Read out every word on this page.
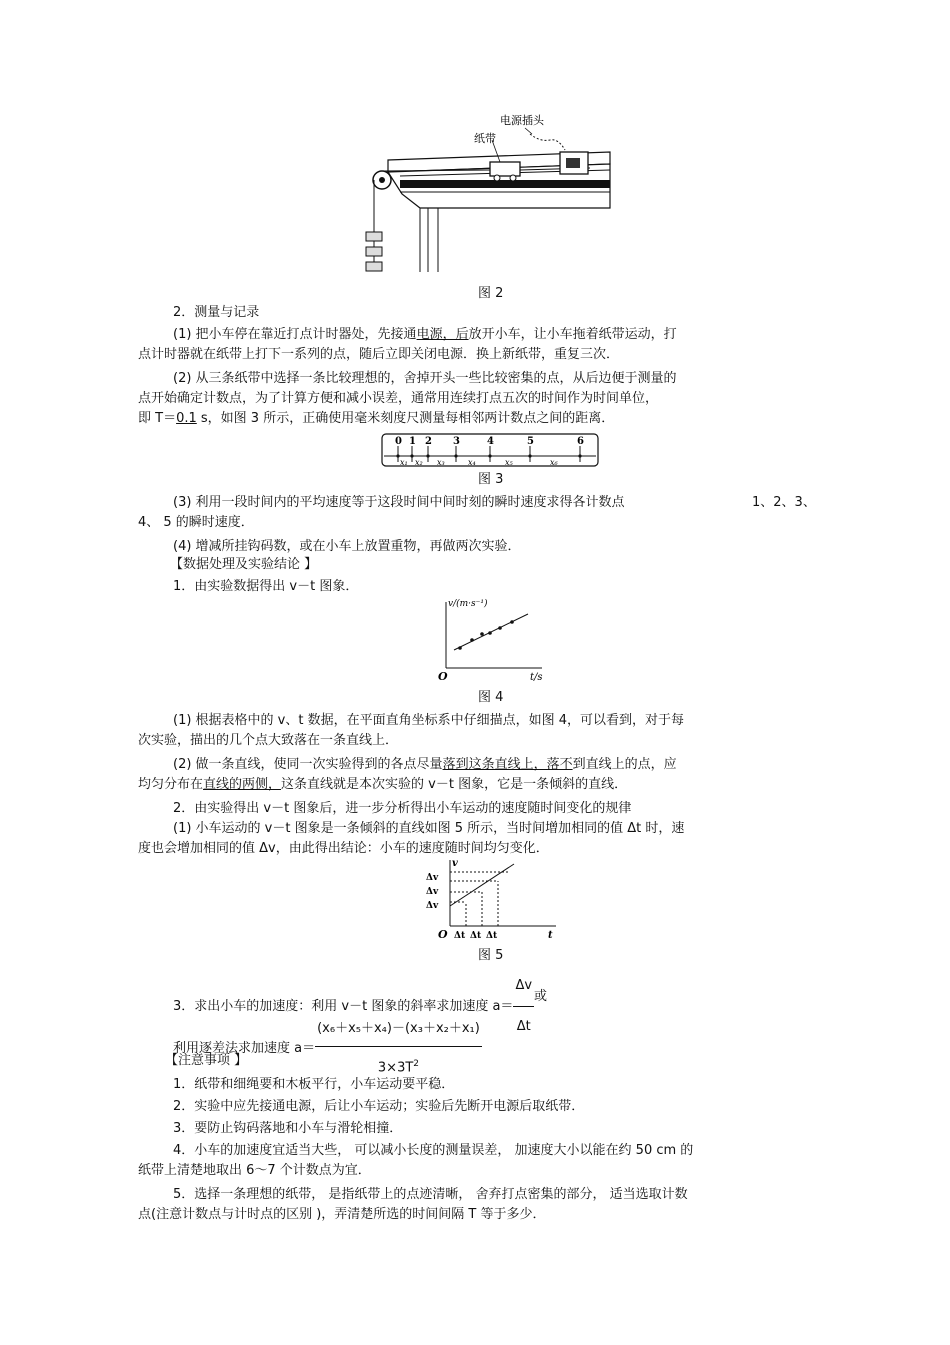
电源插头
纸带
图 2
2．测量与记录
(1) 把小车停在靠近打点计时器处，先接通电源，后放开小车，让小车拖着纸带运动，打
点计时器就在纸带上打下一系列的点，随后立即关闭电源．换上新纸带，重复三次．
(2) 从三条纸带中选择一条比较理想的，舍掉开头一些比较密集的点，从后边便于测量的
点开始确定计数点，为了计算方便和减小误差，通常用连续打点五次的时间作为时间单位，
即 T＝0.1 s，如图 3 所示，正确使用毫米刻度尺测量每相邻两计数点之间的距离．
0 1 2 3	4	5	6
x₁ x₂ x₃	x₄	x₅	x₆
图 3
(3) 利用一段时间内的平均速度等于这段时间中间时刻的瞬时速度求得各计数点	1、2、3、
4、 5 的瞬时速度．
(4) 增减所挂钩码数，或在小车上放置重物，再做两次实验．
【数据处理及实验结论 】
1．由实验数据得出 v－t 图象．
v/(m·s⁻¹)
t/s
O
图 4
(1) 根据表格中的 v、t 数据，在平面直角坐标系中仔细描点，如图 4，可以看到，对于每
次实验，描出的几个点大致落在一条直线上．
(2) 做一条直线，使同一次实验得到的各点尽量落到这条直线上，落不到直线上的点，应
均匀分布在直线的两侧，这条直线就是本次实验的 v－t 图象，它是一条倾斜的直线．
2．由实验得出 v－t 图象后，进一步分析得出小车运动的速度随时间变化的规律
(1) 小车运动的 v－t 图象是一条倾斜的直线如图 5 所示，当时间增加相同的值 Δt 时，速
度也会增加相同的值 Δv，由此得出结论：小车的速度随时间均匀变化．
Δv
Δv
Δv
Δt Δt Δt
v
t
O
图 5
3．求出小车的加速度：利用 v－t 图象的斜率求加速度 $a= \frac{\Delta v}{\Delta t}$ 或
利用逐差法求加速度 $a= \frac{\text{(x₆＋x₅＋x₄)－(x₃＋x₂＋x₁)}}{3\times 3T^2}$
【注意事项 】
1．纸带和细绳要和木板平行，小车运动要平稳．
2．实验中应先接通电源，后让小车运动；实验后先断开电源后取纸带．
3．要防止钩码落地和小车与滑轮相撞．
4．小车的加速度宜适当大些， 可以减小长度的测量误差， 加速度大小以能在约 50 cm 的
纸带上清楚地取出 6～7 个计数点为宜．
5．选择一条理想的纸带， 是指纸带上的点迹清晰， 舍弃打点密集的部分， 适当选取计数
点(注意计数点与计时点的区别 )，弄清楚所选的时间间隔 T 等于多少．
